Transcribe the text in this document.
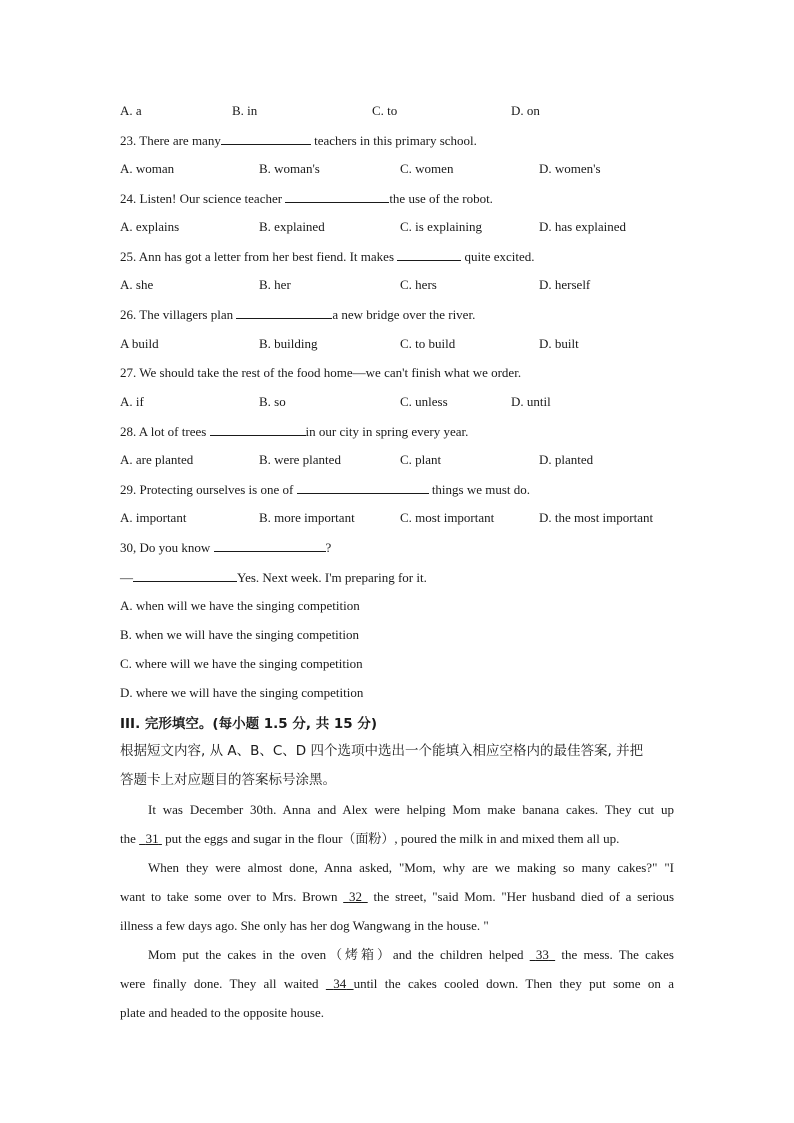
A. a	B. in	C. to	D. on
23. There are many	teachers in this primary school.
A. woman	B. woman's	C. women	D. women's
24. Listen! Our science teacher	the use of the robot.
A. explains	B. explained	C. is explaining	D. has explained
25. Ann has got a letter from her best fiend. It makes	quite excited.
A. she	B. her	C. hers	D. herself
26. The villagers plan	a new bridge over the river.
A build	B. building	C. to build	D. built
27. We should take the rest of the food home—we can't finish what we order.
A. if	B. so	C. unless	D. until
28. A lot of trees	in our city in spring every year.
A. are planted	B. were planted	C. plant	D. planted
29. Protecting ourselves is one of	things we must do.
A. important	B. more important	C. most important	D. the most important
30, Do you know	?
—	Yes. Next week. I'm preparing for it.
A. when will we have the singing competition
B. when we will have the singing competition
C. where will we have the singing competition
D. where we will have the singing competition
III. 完形填空。(每小题 1.5 分, 共 15 分)
根据短文内容, 从 A、B、C、D 四个选项中选出一个能填入相应空格内的最佳答案, 并把
答题卡上对应题目的答案标号涂黑。
It was December 30th. Anna and Alex were helping Mom make banana cakes. They cut up
the   31  put the eggs and sugar in the flour（面粉）, poured the milk in and mixed them all up.
When they were almost done, Anna asked, "Mom, why are we making so many cakes?" "I
want to take some over to Mrs. Brown  32  the street, "said Mom. "Her husband died of a serious
illness a few days ago. She only has her dog Wangwang in the house. "
Mom put the cakes in the oven（烤箱）and the children helped  33  the mess. The cakes
were finally done. They all waited  34 until the cakes cooled down. Then they put some on a
plate and headed to the opposite house.
